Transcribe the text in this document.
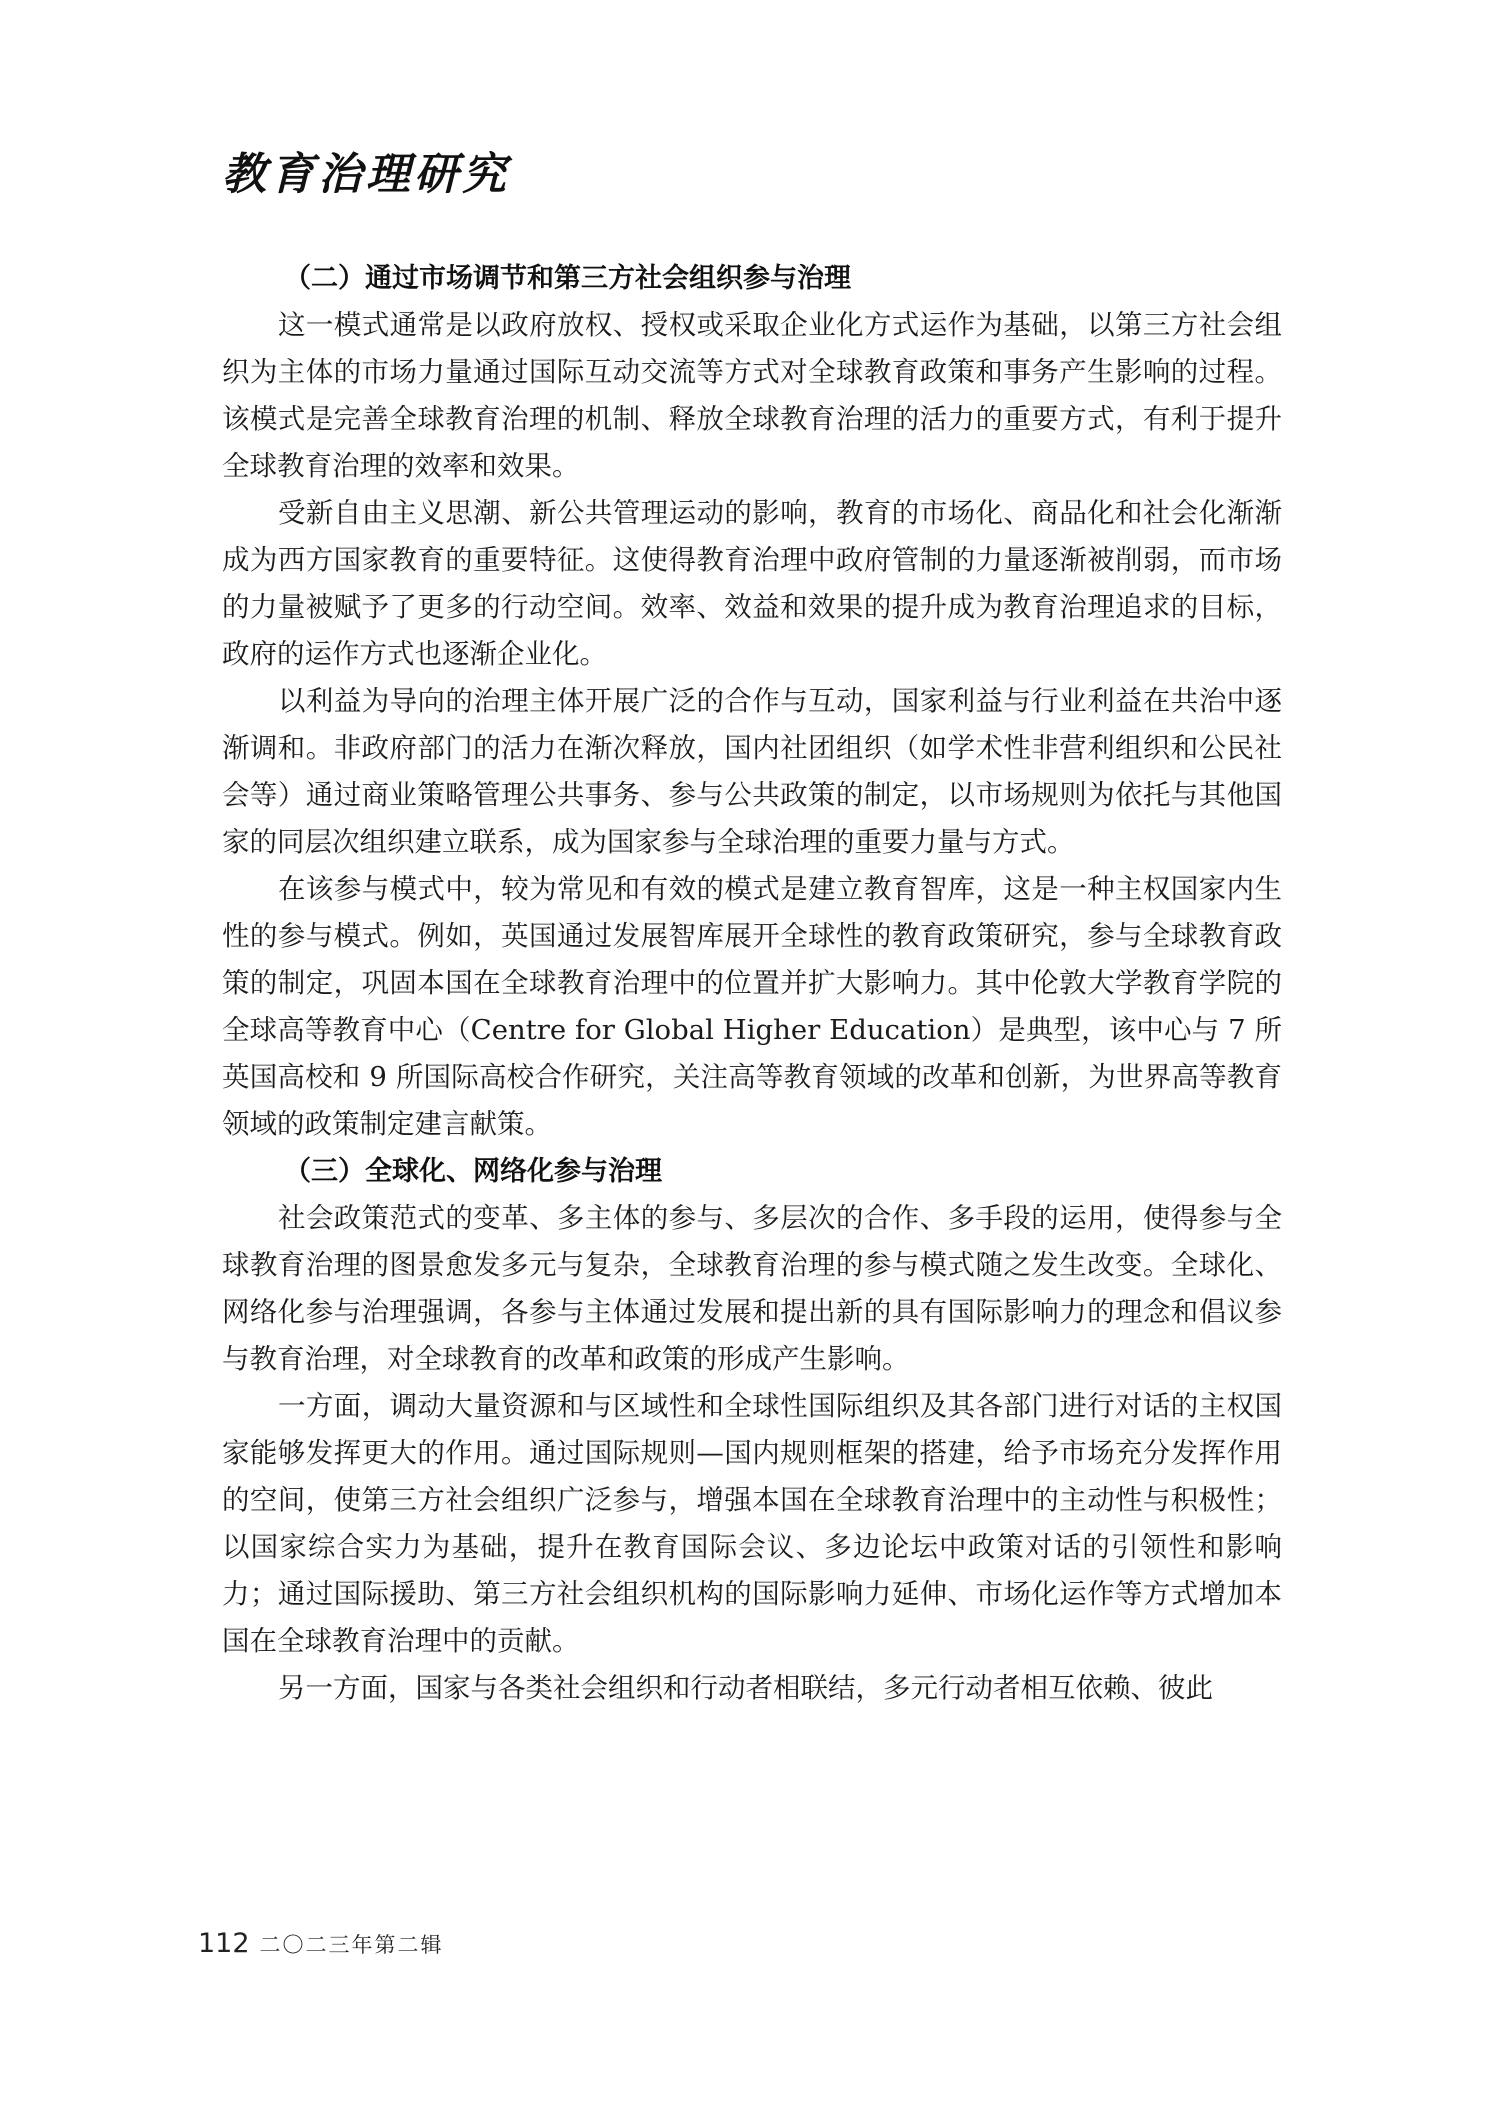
教育治理研究

（二）通过市场调节和第三方社会组织参与治理

这一模式通常是以政府放权、授权或采取企业化方式运作为基础，以第三方社会组织为主体的市场力量通过国际互动交流等方式对全球教育政策和事务产生影响的过程。该模式是完善全球教育治理的机制、释放全球教育治理的活力的重要方式，有利于提升全球教育治理的效率和效果。

受新自由主义思潮、新公共管理运动的影响，教育的市场化、商品化和社会化渐渐成为西方国家教育的重要特征。这使得教育治理中政府管制的力量逐渐被削弱，而市场的力量被赋予了更多的行动空间。效率、效益和效果的提升成为教育治理追求的目标，政府的运作方式也逐渐企业化。

以利益为导向的治理主体开展广泛的合作与互动，国家利益与行业利益在共治中逐渐调和。非政府部门的活力在渐次释放，国内社团组织（如学术性非营利组织和公民社会等）通过商业策略管理公共事务、参与公共政策的制定，以市场规则为依托与其他国家的同层次组织建立联系，成为国家参与全球治理的重要力量与方式。

在该参与模式中，较为常见和有效的模式是建立教育智库，这是一种主权国家内生性的参与模式。例如，英国通过发展智库展开全球性的教育政策研究，参与全球教育政策的制定，巩固本国在全球教育治理中的位置并扩大影响力。其中伦敦大学教育学院的全球高等教育中心（Centre for Global Higher Education）是典型，该中心与 7 所英国高校和 9 所国际高校合作研究，关注高等教育领域的改革和创新，为世界高等教育领域的政策制定建言献策。

（三）全球化、网络化参与治理

社会政策范式的变革、多主体的参与、多层次的合作、多手段的运用，使得参与全球教育治理的图景愈发多元与复杂，全球教育治理的参与模式随之发生改变。全球化、网络化参与治理强调，各参与主体通过发展和提出新的具有国际影响力的理念和倡议参与教育治理，对全球教育的改革和政策的形成产生影响。

一方面，调动大量资源和与区域性和全球性国际组织及其各部门进行对话的主权国家能够发挥更大的作用。通过国际规则—国内规则框架的搭建，给予市场充分发挥作用的空间，使第三方社会组织广泛参与，增强本国在全球教育治理中的主动性与积极性；以国家综合实力为基础，提升在教育国际会议、多边论坛中政策对话的引领性和影响力；通过国际援助、第三方社会组织机构的国际影响力延伸、市场化运作等方式增加本国在全球教育治理中的贡献。

另一方面，国家与各类社会组织和行动者相联结，多元行动者相互依赖、彼此

112 二〇二三年第二辑
